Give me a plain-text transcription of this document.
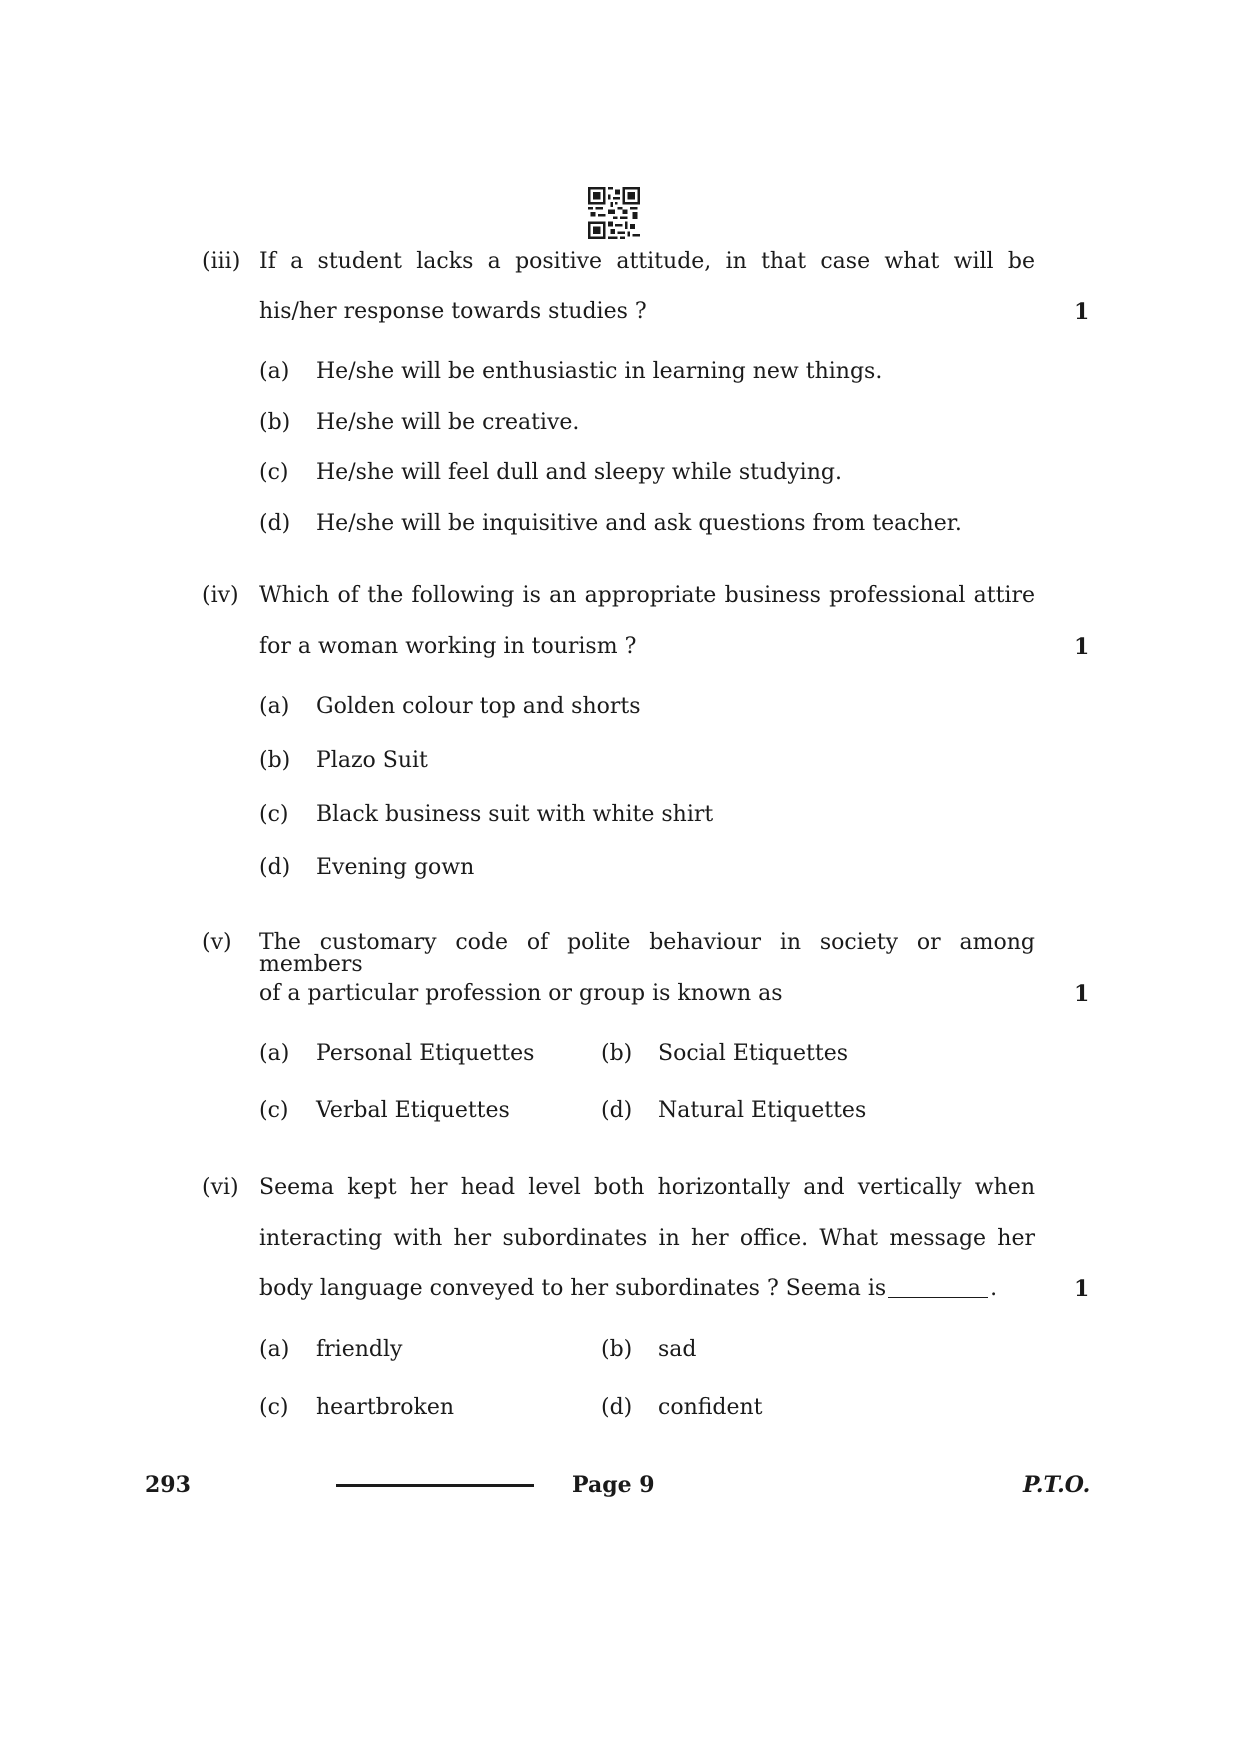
(iii) If a student lacks a positive attitude, in that case what will be
his/her response towards studies ?	1
(a) He/she will be enthusiastic in learning new things.
(b) He/she will be creative.
(c) He/she will feel dull and sleepy while studying.
(d) He/she will be inquisitive and ask questions from teacher.
(iv) Which of the following is an appropriate business professional attire
for a woman working in tourism ?	1
(a) Golden colour top and shorts
(b) Plazo Suit
(c) Black business suit with white shirt
(d) Evening gown
(v) The customary code of polite behaviour in society or among members
of a particular profession or group is known as	1
(a) Personal Etiquettes	(b) Social Etiquettes
(c) Verbal Etiquettes	(d) Natural Etiquettes
(vi) Seema kept her head level both horizontally and vertically when
interacting with her subordinates in her office. What message her
body language conveyed to her subordinates ? Seema is	.	1
(a) friendly	(b) sad
(c) heartbroken	(d) confident
293	Page 9	P.T.O.
